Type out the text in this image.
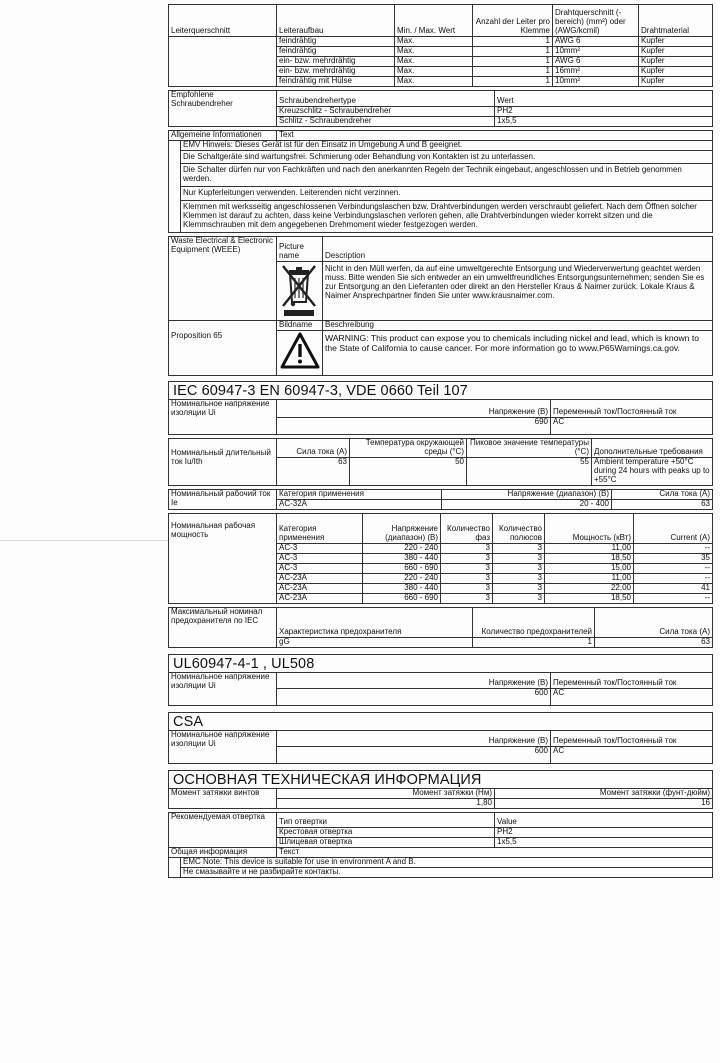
Leiterquerschnitt	Leiteraufbau	Min. / Max. Wert	Anzahl der Leiter pro Klemme	Drahtquerschnitt (-bereich) (mm²) oder (AWG/kcmil)	Drahtmaterial
	feindrähtig	Max.	1	AWG 6	Kupfer
	feindrähtig	Max.	1	10mm²	Kupfer
	ein- bzw. mehrdrähtig	Max.	1	AWG 6	Kupfer
	ein- bzw. mehrdrähtig	Max.	1	16mm²	Kupfer
	feindrähtig mit Hülse	Max.	1	10mm²	Kupfer
Empfohlene Schraubendreher	Schraubendrehertype	Wert
	Kreuzschlitz - Schraubendreher	PH2
	Schlitz - Schraubendreher	1x5,5
Allgemeine Informationen		Text
	EMV Hinweis: Dieses Gerät ist für den Einsatz in Umgebung A und B geeignet.	
	Die Schaltgeräte sind wartungsfrei. Schmierung oder Behandlung von Kontakten ist zu unterlassen.	
	Die Schalter dürfen nur von Fachkräften und nach den anerkannten Regeln der Technik eingebaut, angeschlossen und in Betrieb genommen werden.	
	Nur Kupferleitungen verwenden. Leiterenden nicht verzinnen.	
	Klemmen mit werksseitig angeschlossenen Verbindungslaschen bzw. Drahtverbindungen werden verschraubt geliefert. Nach dem Öffnen solcher Klemmen ist darauf zu achten, dass keine Verbindungslaschen verloren gehen, alle Drahtverbindungen wieder korrekt sitzen und die Klemmschrauben mit dem angegebenen Drehmoment wieder festgezogen werden.	
Waste Electrical & Electronic Equipment (WEEE)	Picture name	Description

	Nicht in den Müll werfen, da auf eine umweltgerechte Entsorgung und Wiederverwertung geachtet werden muss. Bitte wenden Sie sich entweder an ein umweltfreundliches Entsorgungsunternehmen; senden Sie es zur Entsorgung an den Lieferanten oder direkt an den Hersteller Kraus & Naimer zurück. Lokale Kraus & Naimer Ansprechpartner finden Sie unter www.krausnaimer.com.
Proposition 65	Bildname	Beschreibung

	WARNING: This product can expose you to chemicals including nickel and lead, which is known to the State of California to cause cancer. For more information go to www.P65Warnings.ca.gov.
IEC 60947-3 EN 60947-3, VDE 0660 Teil 107
Номинальное напряжение изоляции Ui	Напряжение (В)	Переменный ток/Постоянный ток
	690	AC
Номинальный длительный ток Iu/Ith	Сила тока (А)	Температура окружающей среды (°C)	Пиковое значение температуры (°C)	Дополнительные требования
	63	50	55	Ambient temperature +50°C during 24 hours with peaks up to +55°C
Номинальный рабочий ток Ie	Категория применения	Напряжение (диапазон) (В)	Сила тока (А)
	AC-32A	20 - 400	63
Номинальная рабочая мощность	Категория применения	Напряжение (диапазон) (В)	Количество фаз	Количество полюсов	Мощность (кВт)	Current (A)
	AC-3	220 - 240	3	3	11,00	--
	AC-3	380 - 440	3	3	18,50	35
	AC-3	660 - 690	3	3	15,00	--
	AC-23A	220 - 240	3	3	11,00	--
	AC-23A	380 - 440	3	3	22,00	41
	AC-23A	660 - 690	3	3	18,50	--
Максимальный номинал предохранителя по IEC	Характеристика предохранителя	Количество предохранителей	Сила тока (А)
	gG	1	63
UL60947-4-1 , UL508
Номинальное напряжение изоляции Ui	Напряжение (В)	Переменный ток/Постоянный ток
	600	AC
CSA
Номинальное напряжение изоляции Ui	Напряжение (В)	Переменный ток/Постоянный ток
	600	AC
ОСНОВНАЯ ТЕХНИЧЕСКАЯ ИНФОРМАЦИЯ
Момент затяжки винтов	Момент затяжки (Нм)	Момент затяжки (фунт-дюйм)
	1,80	16
Рекомендуемая отвертка	Тип отвертки	Value
	Крестовая отвертка	PH2
	Шлицевая отвертка	1x5,5
Общая информация		Текст
	EMC Note: This device is suitable for use in environment A and B.	
	Не смазывайте и не разбирайте контакты.	
